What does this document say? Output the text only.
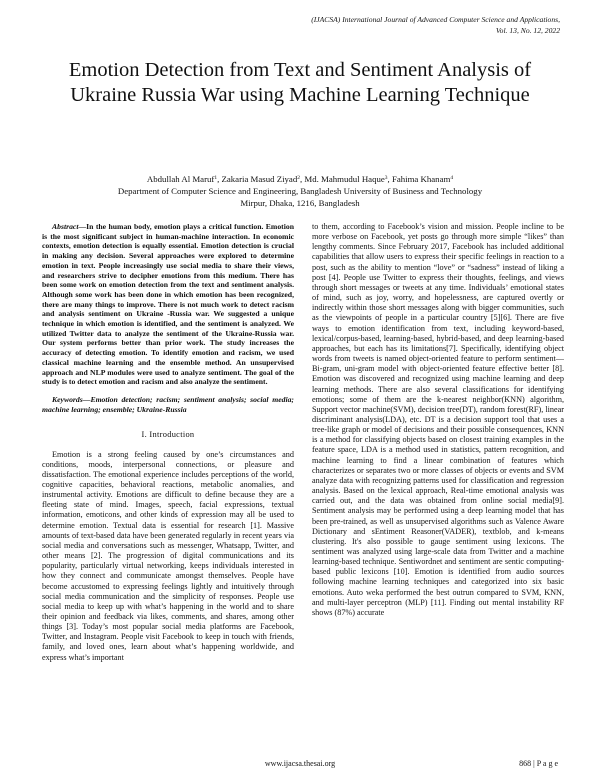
(IJACSA) International Journal of Advanced Computer Science and Applications,
Vol. 13, No. 12, 2022
Emotion Detection from Text and Sentiment Analysis of Ukraine Russia War using Machine Learning Technique
Abdullah Al Maruf$^1$, Zakaria Masud Ziyad$^2$, Md. Mahmudul Haque$^3$, Fahima Khanam$^4$
Department of Computer Science and Engineering, Bangladesh University of Business and Technology
Mirpur, Dhaka, 1216, Bangladesh

Abstract—In the human body, emotion plays a critical function. Emotion is the most significant subject in human-machine interaction. In economic contexts, emotion detection is equally essential. Emotion detection is crucial in making any decision. Several approaches were explored to determine emotion in text. People increasingly use social media to share their views, and researchers strive to decipher emotions from this medium. There has been some work on emotion detection from the text and sentiment analysis. Although some work has been done in which emotion has been recognized, there are many things to improve. There is not much work to detect racism and analysis sentiment on Ukraine -Russia war. We suggested a unique technique in which emotion is identified, and the sentiment is analyzed. We utilized Twitter data to analyze the sentiment of the Ukraine-Russia war. Our system performs better than prior work. The study increases the accuracy of detecting emotion. To identify emotion and racism, we used classical machine learning and the ensemble method. An unsupervised approach and NLP modules were used to analyze sentiment. The goal of the study is to detect emotion and racism and also analyze the sentiment.

Keywords—Emotion detection; racism; sentiment analysis; social media; machine learning; ensemble; Ukraine-Russia

I. Introduction

Emotion is a strong feeling caused by one’s circumstances and conditions, moods, interpersonal connections, or pleasure and dissatisfaction. The emotional experience includes perceptions of the world, cognitive capacities, behavioral reactions, metabolic anomalies, and instrumental activity. Emotions are difficult to define because they are a fleeting state of mind. Images, speech, facial expressions, textual information, emoticons, and other kinds of expression may all be used to determine emotion. Textual data is essential for research [1]. Massive amounts of text-based data have been generated regularly in recent years via social media and conversations such as messenger, Whatsapp, Twitter, and other means [2]. The progression of digital communications and its popularity, particularly virtual networking, keeps individuals interested in how they connect and communicate amongst themselves. People have become accustomed to expressing feelings lightly and intuitively through social media communication and the simplicity of responses. People use social media to keep up with what’s happening in the world and to share their opinion and feedback via likes, comments, and shares, among other things [3]. Today’s most popular social media platforms are Facebook, Twitter, and Instagram. People visit Facebook to keep in touch with friends, family, and loved ones, learn about what’s happening worldwide, and express what’s important

to them, according to Facebook’s vision and mission. People incline to be more verbose on Facebook, yet posts go through more simple “likes” than lengthy comments. Since February 2017, Facebook has included additional capabilities that allow users to express their specific feelings in reaction to a post, such as the ability to mention “love” or “sadness” instead of liking a post [4]. People use Twitter to express their thoughts, feelings, and views through short messages or tweets at any time. Individuals’ emotional states of mind, such as joy, worry, and hopelessness, are captured overtly or indirectly within those short messages along with bigger communities, such as the viewpoints of people in a particular country [5][6]. There are five ways to emotion identification from text, including keyword-based, lexical/corpus-based, learning-based, hybrid-based, and deep learning-based approaches, but each has its limitations[7]. Specifically, identifying object words from tweets is named object-oriented feature to perform sentiment—Bi-gram, uni-gram model with object-oriented feature effective better [8]. Emotion was discovered and recognized using machine learning and deep learning methods. There are also several classifications for identifying emotions; some of them are the k-nearest neighbor(KNN) algorithm, Support vector machine(SVM), decision tree(DT), random forest(RF), linear discriminant analysis(LDA), etc. DT is a decision support tool that uses a tree-like graph or model of decisions and their possible consequences, KNN is a method for classifying objects based on closest training examples in the feature space, LDA is a method used in statistics, pattern recognition, and machine learning to find a linear combination of features which characterizes or separates two or more classes of objects or events and SVM analyze data with recognizing patterns used for classification and regression analysis. Based on the lexical approach, Real-time emotional analysis was carried out, and the data was obtained from online social media[9]. Sentiment analysis may be performed using a deep learning model that has been pre-trained, as well as unsupervised algorithms such as Valence Aware Dictionary and sEntiment Reasoner(VADER), textblob, and k-means clustering. It's also possible to gauge sentiment using lexicons. The sentiment was analyzed using large-scale data from Twitter and a machine learning-based technique. Sentiwordnet and sentiment are sentic computing-based public lexicons [10]. Emotion is identified from audio sources following machine learning techniques and categorized into six basic emotions. Auto weka performed the best outrun compared to SVM, KNN, and multi-layer perceptron (MLP) [11]. Finding out mental instability RF shows (87%) accurate

www.ijacsa.thesai.org	868 | P a g e
